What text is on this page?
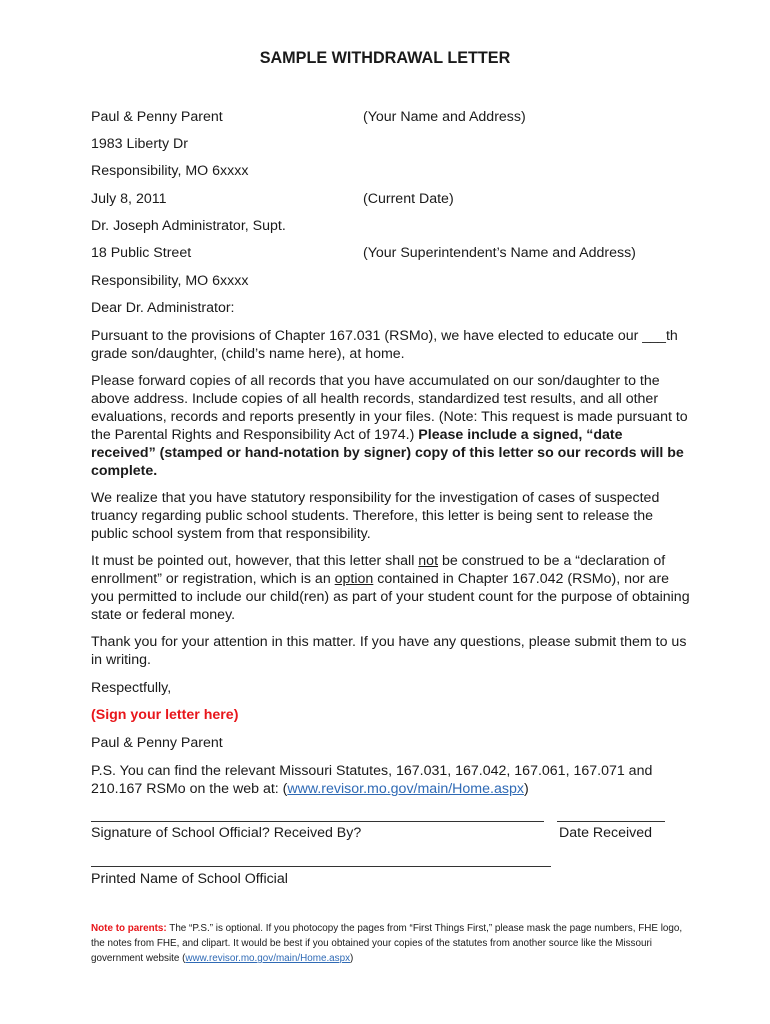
SAMPLE WITHDRAWAL LETTER
Paul & Penny Parent	(Your Name and Address)
1983 Liberty Dr
Responsibility, MO 6xxxx
July 8, 2011	(Current Date)
Dr. Joseph Administrator, Supt.
18 Public Street	(Your Superintendent’s Name and Address)
Responsibility, MO 6xxxx
Dear Dr. Administrator:
Pursuant to the provisions of Chapter 167.031 (RSMo), we have elected to educate our ___th grade son/daughter, (child’s name here), at home.
Please forward copies of all records that you have accumulated on our son/daughter to the above address. Include copies of all health records, standardized test results, and all other evaluations, records and reports presently in your files. (Note: This request is made pursuant to the Parental Rights and Responsibility Act of 1974.) Please include a signed, “date received” (stamped or hand-notation by signer) copy of this letter so our records will be complete.
We realize that you have statutory responsibility for the investigation of cases of suspected truancy regarding public school students. Therefore, this letter is being sent to release the public school system from that responsibility.
It must be pointed out, however, that this letter shall not be construed to be a “declaration of enrollment” or registration, which is an option contained in Chapter 167.042 (RSMo), nor are you permitted to include our child(ren) as part of your student count for the purpose of obtaining state or federal money.
Thank you for your attention in this matter. If you have any questions, please submit them to us in writing.
Respectfully,
(Sign your letter here)
Paul & Penny Parent
P.S. You can find the relevant Missouri Statutes, 167.031, 167.042, 167.061, 167.071 and 210.167 RSMo on the web at: (www.revisor.mo.gov/main/Home.aspx)
Signature of School Official? Received By?	Date Received
Printed Name of School Official
Note to parents: The “P.S.” is optional. If you photocopy the pages from “First Things First,” please mask the page numbers, FHE logo, the notes from FHE, and clipart. It would be best if you obtained your copies of the statutes from another source like the Missouri government website (www.revisor.mo.gov/main/Home.aspx)
